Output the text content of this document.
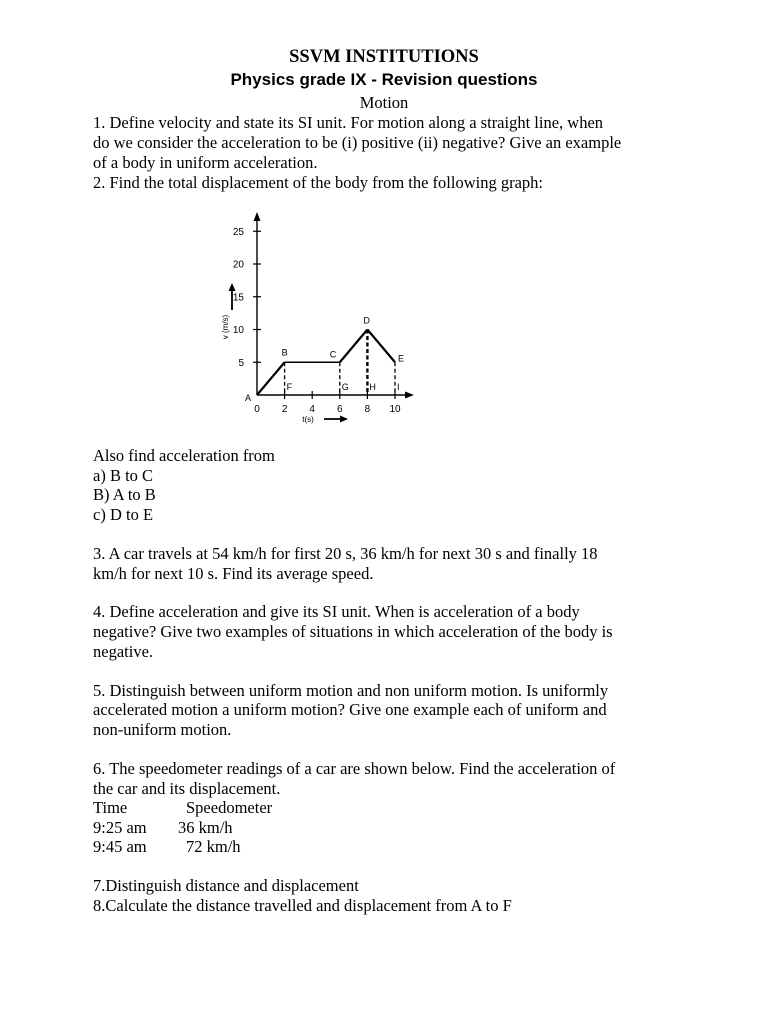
SSVM INSTITUTIONS
Physics grade IX - Revision questions
Motion
1. Define velocity and state its SI unit. For motion along a straight line, when
do we consider the acceleration to be (i) positive (ii) negative? Give an example
of a body in uniform acceleration.
2. Find the total displacement of the body from the following graph:
v (m/s)
t(s)
0 2 4 6 8 10
5
10
15
20
25
A
B	C
D
E
F	G H I
Also find acceleration from
a) B to C
B) A to B
c) D to E
3. A car travels at 54 km/h for first 20 s, 36 km/h for next 30 s and finally 18
km/h for next 10 s. Find its average speed.
4. Define acceleration and give its SI unit. When is acceleration of a body
negative? Give two examples of situations in which acceleration of the body is
negative.
5. Distinguish between uniform motion and non uniform motion. Is uniformly
accelerated motion a uniform motion? Give one example each of uniform and
non-uniform motion.
6. The speedometer readings of a car are shown below. Find the acceleration of
the car and its displacement.
Time	Speedometer
9:25 am 36 km/h
9:45 am 72 km/h
7.Distinguish distance and displacement
8.Calculate the distance travelled and displacement from A to F
